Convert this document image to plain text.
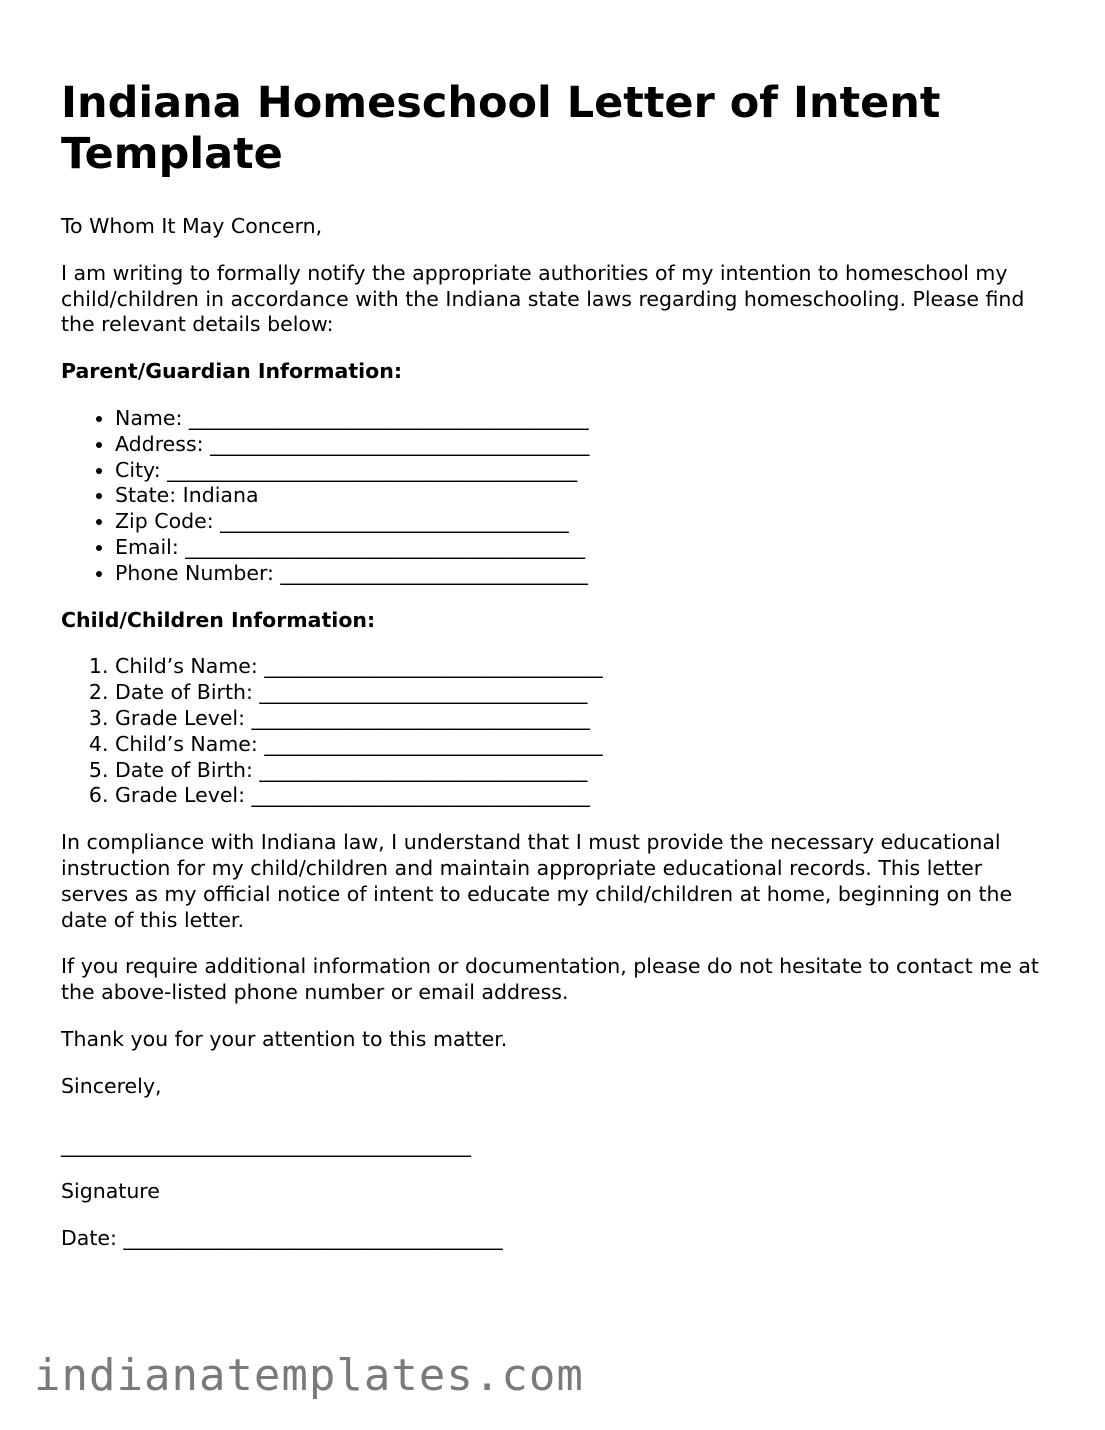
Indiana Homeschool Letter of Intent Template

To Whom It May Concern,

I am writing to formally notify the appropriate authorities of my intention to homeschool my child/children in accordance with the Indiana state laws regarding homeschooling. Please find the relevant details below:

Parent/Guardian Information:

• Name: _______________________________________
• Address: _____________________________________
• City: ________________________________________
• State: Indiana
• Zip Code: __________________________________
• Email: _______________________________________
• Phone Number: ______________________________

Child/Children Information:

1. Child’s Name: _________________________________
2. Date of Birth: ________________________________
3. Grade Level: _________________________________
4. Child’s Name: _________________________________
5. Date of Birth: ________________________________
6. Grade Level: _________________________________

In compliance with Indiana law, I understand that I must provide the necessary educational instruction for my child/children and maintain appropriate educational records. This letter serves as my official notice of intent to educate my child/children at home, beginning on the date of this letter.

If you require additional information or documentation, please do not hesitate to contact me at the above-listed phone number or email address.

Thank you for your attention to this matter.

Sincerely,

________________________________________

Signature

Date: _____________________________________

indianatemplates.com
